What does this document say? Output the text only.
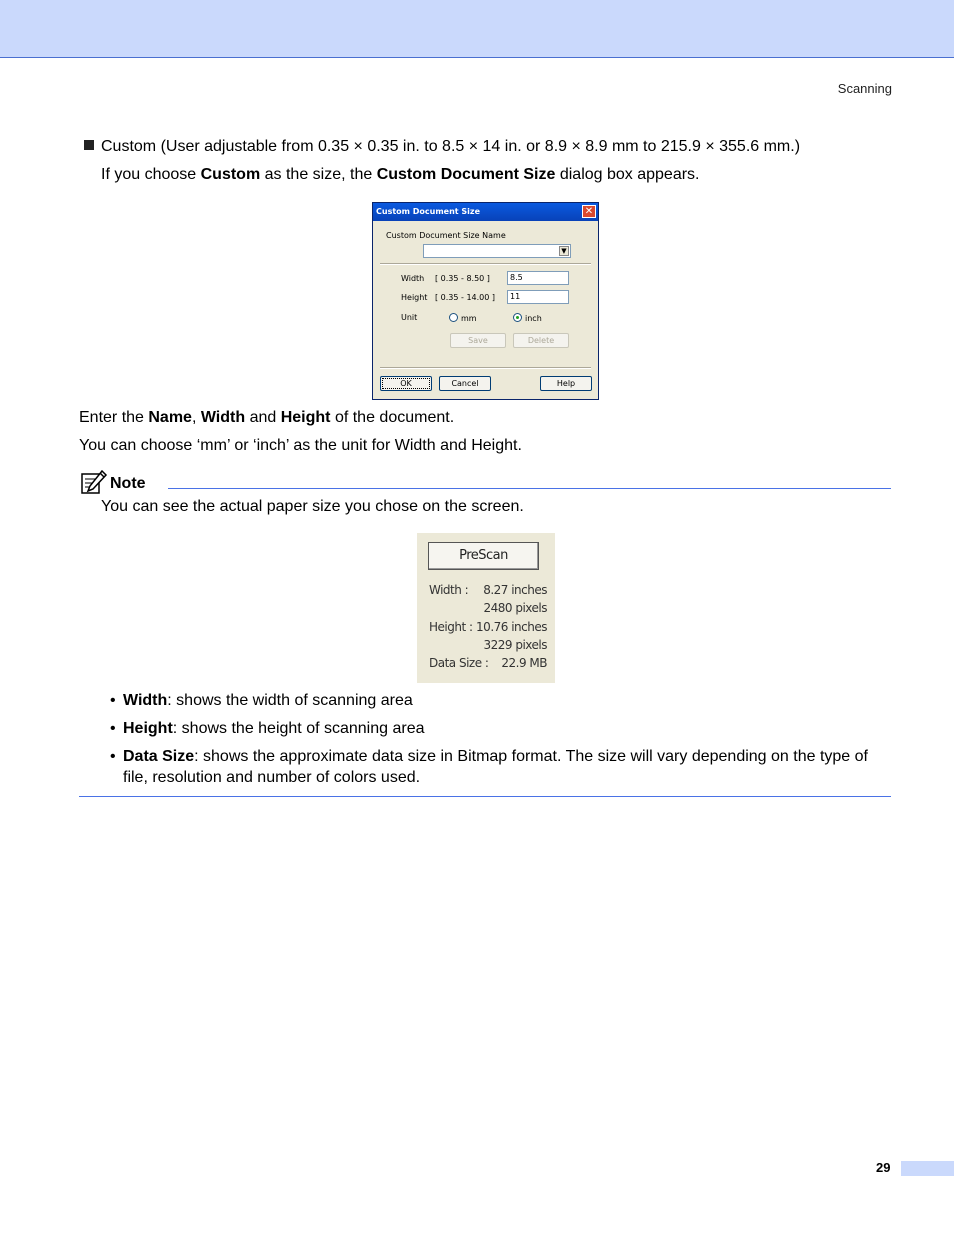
Scanning
Custom (User adjustable from 0.35 × 0.35 in. to 8.5 × 14 in. or 8.9 × 8.9 mm to 215.9 × 355.6 mm.)
If you choose Custom as the size, the Custom Document Size dialog box appears.
Custom Document Size	✕
Custom Document Size Name
▼
Width [ 0.35 - 8.50 ]	8.5
Height [ 0.35 - 14.00 ]	11
Unit	mm	inch
Save	Delete
OK	Cancel	Help
Enter the Name, Width and Height of the document.
You can choose ‘mm’ or ‘inch’ as the unit for Width and Height.
Note
You can see the actual paper size you chose on the screen.
PreScan
Width : 8.27 inches
2480 pixels
Height : 10.76 inches
3229 pixels
Data Size : 22.9 MB
• Width: shows the width of scanning area
• Height: shows the height of scanning area
• Data Size: shows the approximate data size in Bitmap format. The size will vary depending on the type of file, resolution and number of colors used.
29
